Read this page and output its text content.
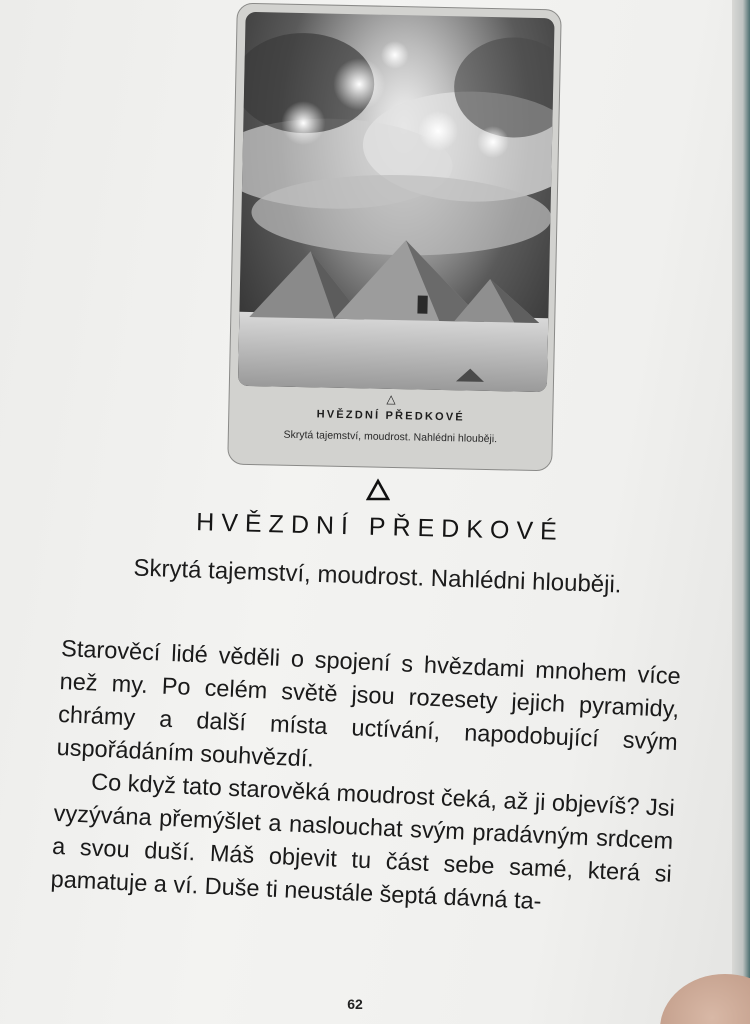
△
HVĚZDNÍ PŘEDKOVÉ
Skrytá tajemství, moudrost. Nahlédni hlouběji.
HVĚZDNÍ PŘEDKOVÉ
Skrytá tajemství, moudrost. Nahlédni hlouběji.

Starověcí lidé věděli o spojení s hvězdami mnohem více než my. Po celém světě jsou rozesety jejich pyramidy, chrámy a další místa uctívání, napodobující svým uspořádáním souhvězdí.

Co když tato starověká moudrost čeká, až ji objevíš? Jsi vyzývána přemýšlet a naslouchat svým pradávným srdcem a svou duší. Máš objevit tu část sebe samé, která si pamatuje a ví. Duše ti neustále šeptá dávná ta-

62
